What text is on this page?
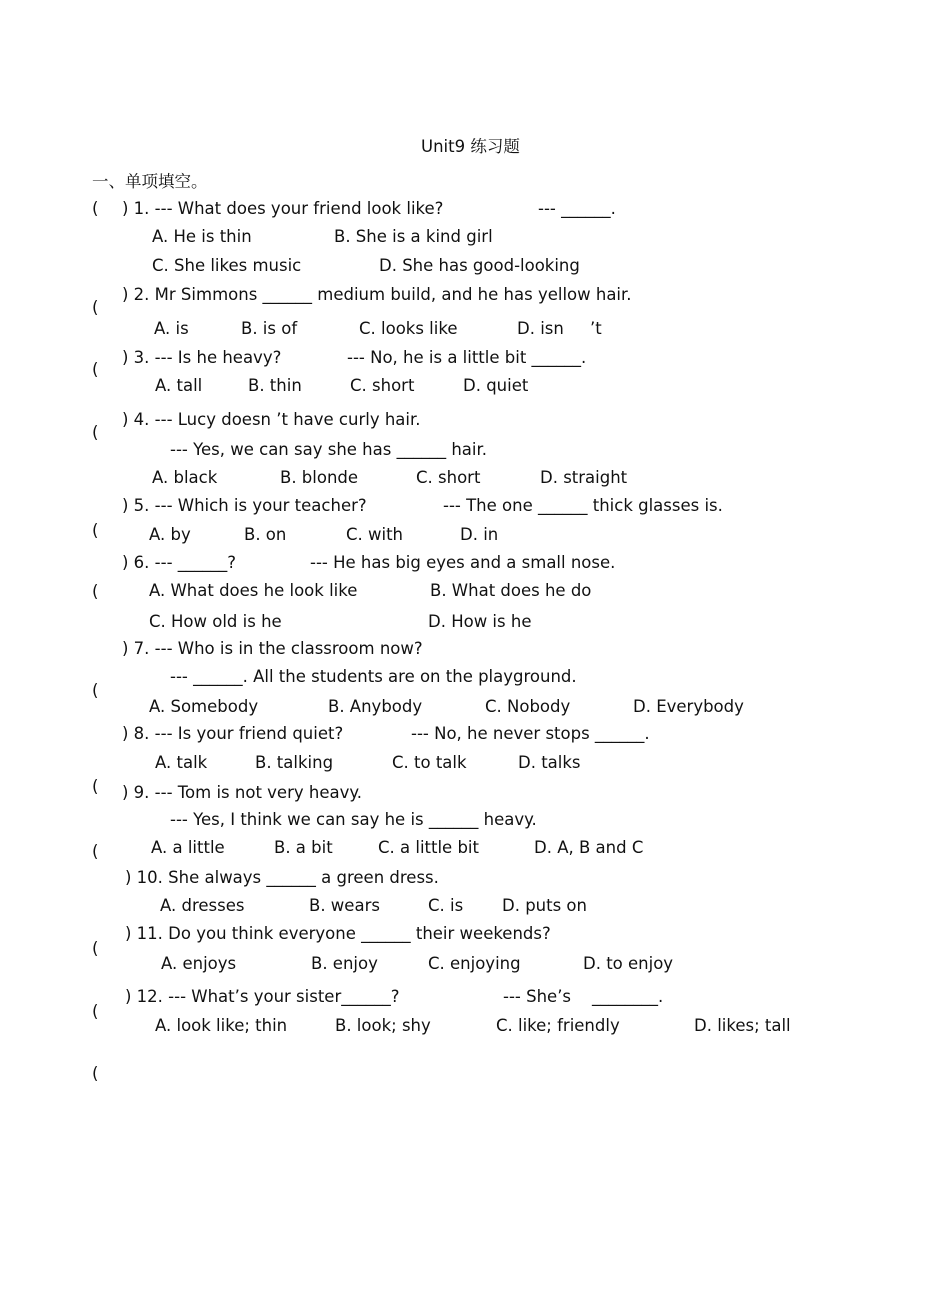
Unit9 练习题
一、单项填空。
(
(
(
(
(
(
(
(
(
(
(
(
) 1. --- What does your friend look like?	--- ______.
A. He is thin	B. She is a kind girl
C. She likes music	D. She has good-looking
) 2. Mr Simmons ______ medium build, and he has yellow hair.
A. is	B. is of	C. looks like	D. isn     ’t
) 3. --- Is he heavy?	--- No, he is a little bit ______.
A. tall	B. thin	C. short	D. quiet
) 4. --- Lucy doesn ’t have curly hair.
--- Yes, we can say she has ______ hair.
A. black	B. blonde	C. short	D. straight
) 5. --- Which is your teacher?	--- The one ______ thick glasses is.
A. by	B. on	C. with	D. in
) 6. --- ______?	--- He has big eyes and a small nose.
A. What does he look like	B. What does he do
C. How old is he	D. How is he
) 7. --- Who is in the classroom now?
--- ______. All the students are on the playground.
A. Somebody	B. Anybody	C. Nobody	D. Everybody
) 8. --- Is your friend quiet?	--- No, he never stops ______.
A. talk	B. talking	C. to talk	D. talks
) 9. --- Tom is not very heavy.
--- Yes, I think we can say he is ______ heavy.
A. a little	B. a bit	C. a little bit	D. A, B and C
) 10. She always ______ a green dress.
A. dresses	B. wears	C. is D. puts on
) 11. Do you think everyone ______ their weekends?
A. enjoys	B. enjoy	C. enjoying	D. to enjoy
) 12. --- What’s your sister______?	--- She’s    ________.
A. look like; thin	B. look; shy	C. like; friendly	D. likes; tall
